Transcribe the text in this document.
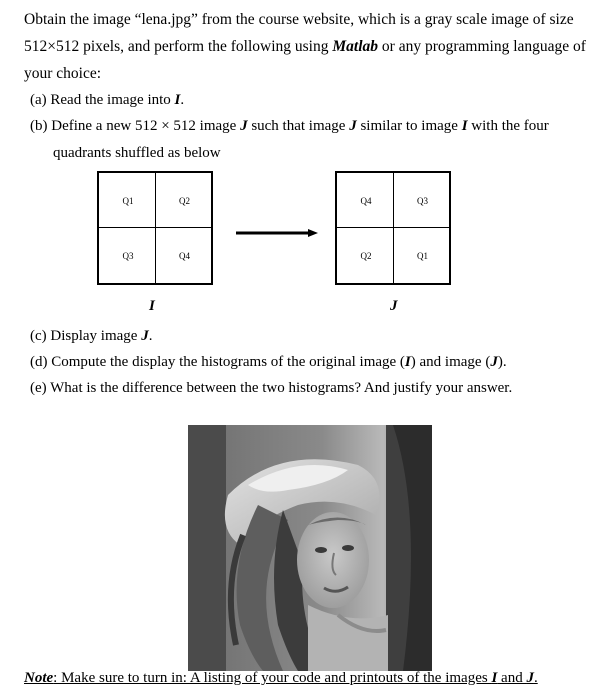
Obtain the image “lena.jpg” from the course website, which is a gray scale image of size
512×512 pixels, and perform the following using Matlab or any programming language of
your choice:
(a) Read the image into I.
(b) Define a new 512 × 512 image J such that image J similar to image I with the four
quadrants shuffled as below
Q1	Q2
Q3	Q4
I
Q4	Q3
Q2	Q1
J
(c) Display image J.
(d) Compute the display the histograms of the original image (I) and image (J).
(e) What is the difference between the two histograms? And justify your answer.
Note: Make sure to turn in: A listing of your code and printouts of the images I and J.
